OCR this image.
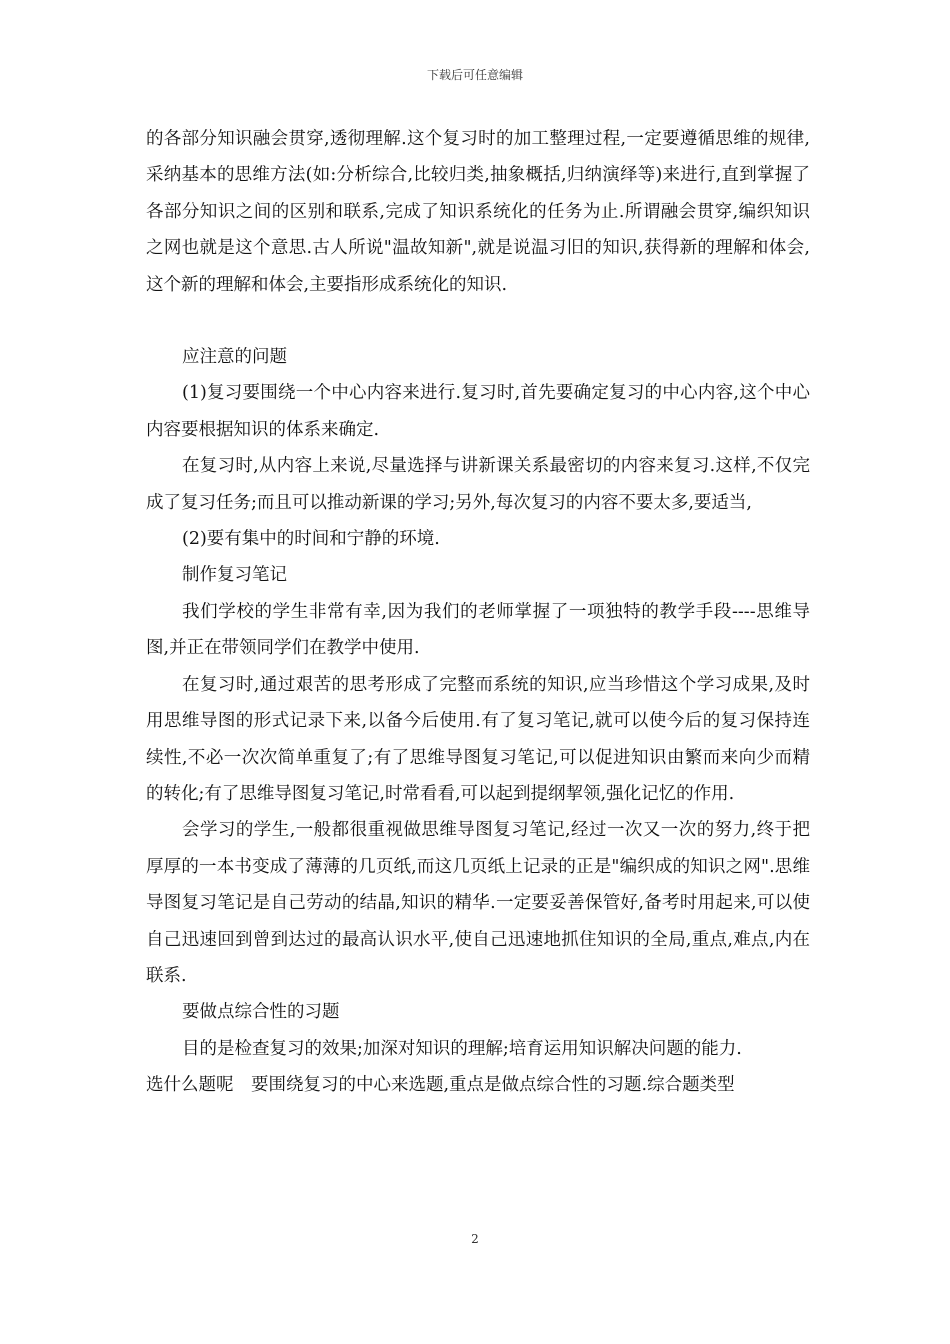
下载后可任意编辑

的各部分知识融会贯穿,透彻理解.这个复习时的加工整理过程,一定要遵循思维的规律,采纳基本的思维方法(如:分析综合,比较归类,抽象概括,归纳演绎等)来进行,直到掌握了各部分知识之间的区别和联系,完成了知识系统化的任务为止.所谓融会贯穿,编织知识之网也就是这个意思.古人所说"温故知新",就是说温习旧的知识,获得新的理解和体会,这个新的理解和体会,主要指形成系统化的知识.

应注意的问题

(1)复习要围绕一个中心内容来进行.复习时,首先要确定复习的中心内容,这个中心内容要根据知识的体系来确定.

在复习时,从内容上来说,尽量选择与讲新课关系最密切的内容来复习.这样,不仅完成了复习任务;而且可以推动新课的学习;另外,每次复习的内容不要太多,要适当,

(2)要有集中的时间和宁静的环境.

制作复习笔记

我们学校的学生非常有幸,因为我们的老师掌握了一项独特的教学手段----思维导图,并正在带领同学们在教学中使用.

在复习时,通过艰苦的思考形成了完整而系统的知识,应当珍惜这个学习成果,及时用思维导图的形式记录下来,以备今后使用.有了复习笔记,就可以使今后的复习保持连续性,不必一次次简单重复了;有了思维导图复习笔记,可以促进知识由繁而来向少而精的转化;有了思维导图复习笔记,时常看看,可以起到提纲挈领,强化记忆的作用.

会学习的学生,一般都很重视做思维导图复习笔记,经过一次又一次的努力,终于把厚厚的一本书变成了薄薄的几页纸,而这几页纸上记录的正是"编织成的知识之网".思维导图复习笔记是自己劳动的结晶,知识的精华.一定要妥善保管好,备考时用起来,可以使自己迅速回到曾到达过的最高认识水平,使自己迅速地抓住知识的全局,重点,难点,内在联系.

要做点综合性的习题

目的是检查复习的效果;加深对知识的理解;培育运用知识解决问题的能力.

选什么题呢　要围绕复习的中心来选题,重点是做点综合性的习题.综合题类型

2
